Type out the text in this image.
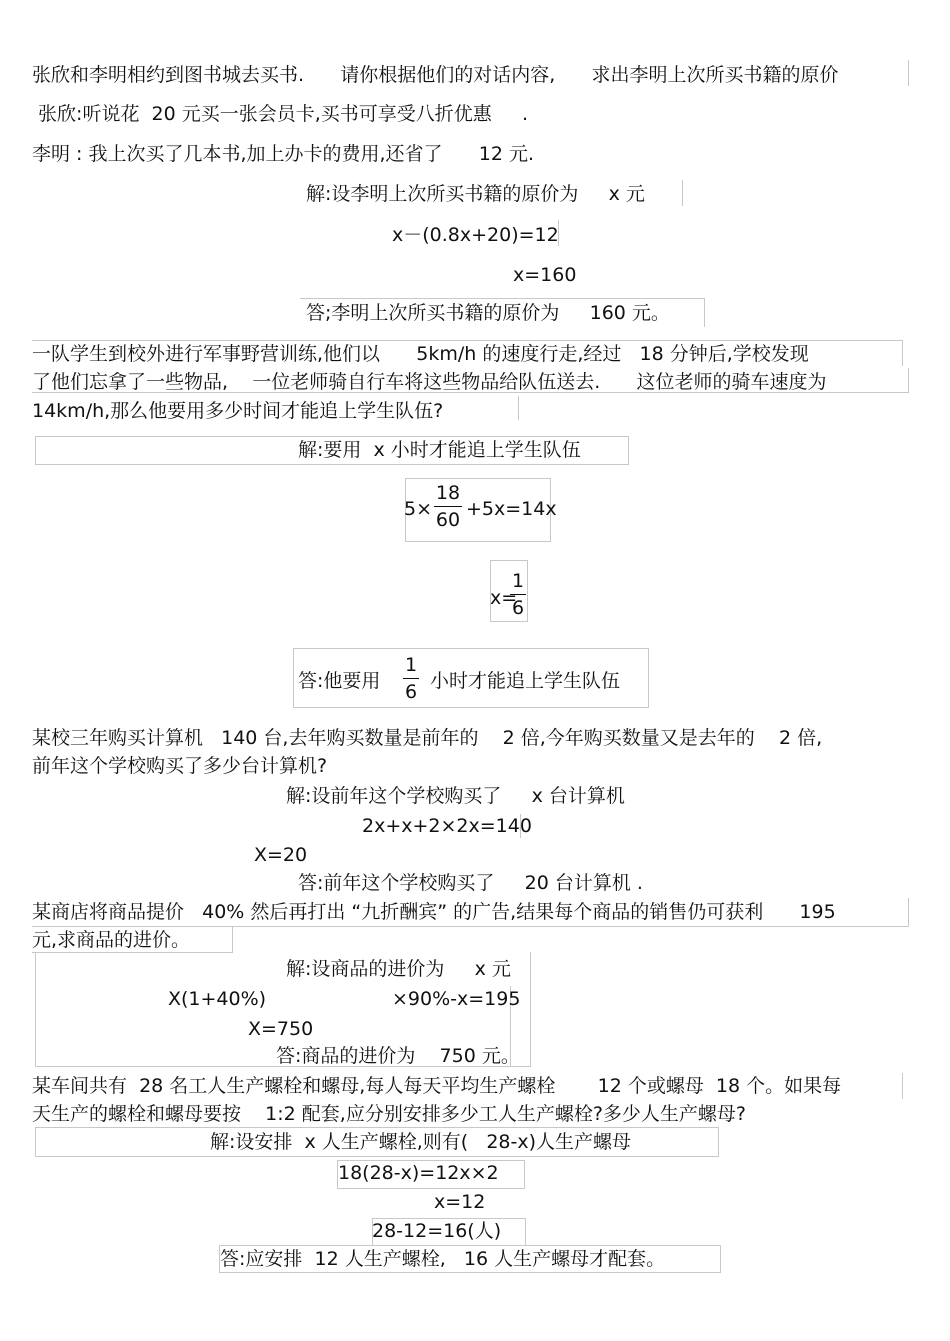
张欣和李明相约到图书城去买书.      请你根据他们的对话内容,      求出李明上次所买书籍的原价
张欣:听说花  20 元买一张会员卡,买书可享受八折优惠     .
李明 : 我上次买了几本书,加上办卡的费用,还省了      12 元.
解:设李明上次所买书籍的原价为     x 元
x－(0.8x+20)=12
x=160
答;李明上次所买书籍的原价为     160 元。
一队学生到校外进行军事野营训练,他们以      5km/h 的速度行走,经过   18 分钟后,学校发现
了他们忘拿了一些物品,    一位老师骑自行车将这些物品给队伍送去.      这位老师的骑车速度为
14km/h,那么他要用多少时间才能追上学生队伍?
解:要用  x 小时才能追上学生队伍
5×
18
60 +5x=14x
x=
1
6
答:他要用
1
6 小时才能追上学生队伍
某校三年购买计算机   140 台,去年购买数量是前年的    2 倍,今年购买数量又是去年的    2 倍,
前年这个学校购买了多少台计算机?
解:设前年这个学校购买了     x 台计算机
2x+x+2×2x=140
X=20
答:前年这个学校购买了     20 台计算机 .
某商店将商品提价   40% 然后再打出 “九折酬宾” 的广告,结果每个商品的销售仍可获利      195
元,求商品的进价。
解:设商品的进价为     x 元
X(1+40%)	×90%-x=195
X=750
答:商品的进价为    750 元。
某车间共有  28 名工人生产螺栓和螺母,每人每天平均生产螺栓       12 个或螺母  18 个。如果每
天生产的螺栓和螺母要按    1:2 配套,应分别安排多少工人生产螺栓?多少人生产螺母?
解:设安排  x 人生产螺栓,则有(   28-x)人生产螺母
18(28-x)=12x×2
x=12
28-12=16(人)
答:应安排  12 人生产螺栓,   16 人生产螺母才配套。
